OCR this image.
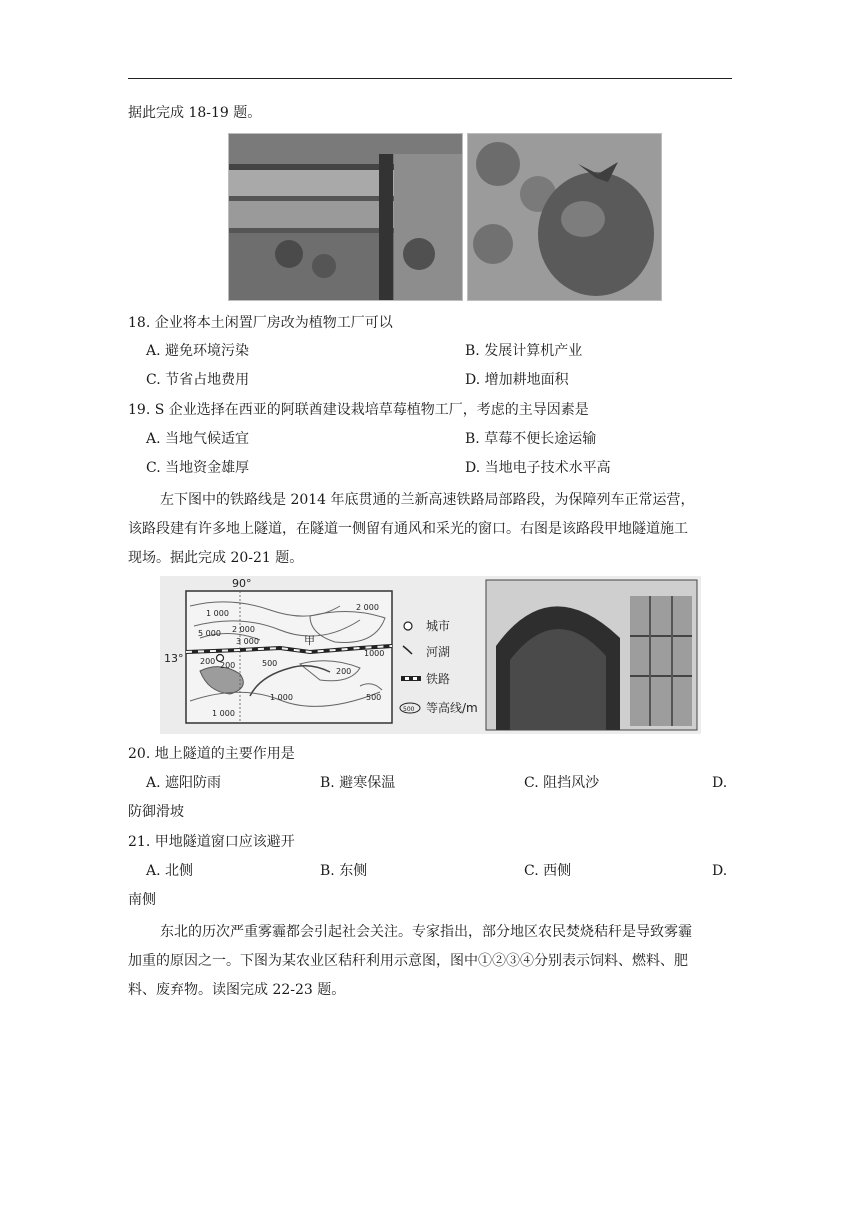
据此完成 18-19 题。
18. 企业将本土闲置厂房改为植物工厂可以
A. 避免环境污染	B. 发展计算机产业
C. 节省占地费用	D. 增加耕地面积
19. S 企业选择在西亚的阿联酋建设栽培草莓植物工厂，考虑的主导因素是
A. 当地气候适宜	B. 草莓不便长途运输
C. 当地资金雄厚	D. 当地电子技术水平高
左下图中的铁路线是 2014 年底贯通的兰新高速铁路局部路段，为保障列车正常运营，
该路段建有许多地上隧道，在隧道一侧留有通风和采光的窗口。右图是该路段甲地隧道施工
现场。据此完成 20-21 题。
90°
13°
1 000
2 000
3 000
5 000
2 000
1000
200	500
200
1 000	500
1 000
200
甲
城市
河湖
铁路
500 等高线/m
20. 地上隧道的主要作用是
A. 遮阳防雨	B. 避寒保温	C. 阻挡风沙	D.
防御滑坡
21. 甲地隧道窗口应该避开
A. 北侧	B. 东侧	C. 西侧	D.
南侧
东北的历次严重雾霾都会引起社会关注。专家指出，部分地区农民焚烧秸秆是导致雾霾
加重的原因之一。下图为某农业区秸秆利用示意图，图中①②③④分别表示饲料、燃料、肥
料、废弃物。读图完成 22-23 题。
